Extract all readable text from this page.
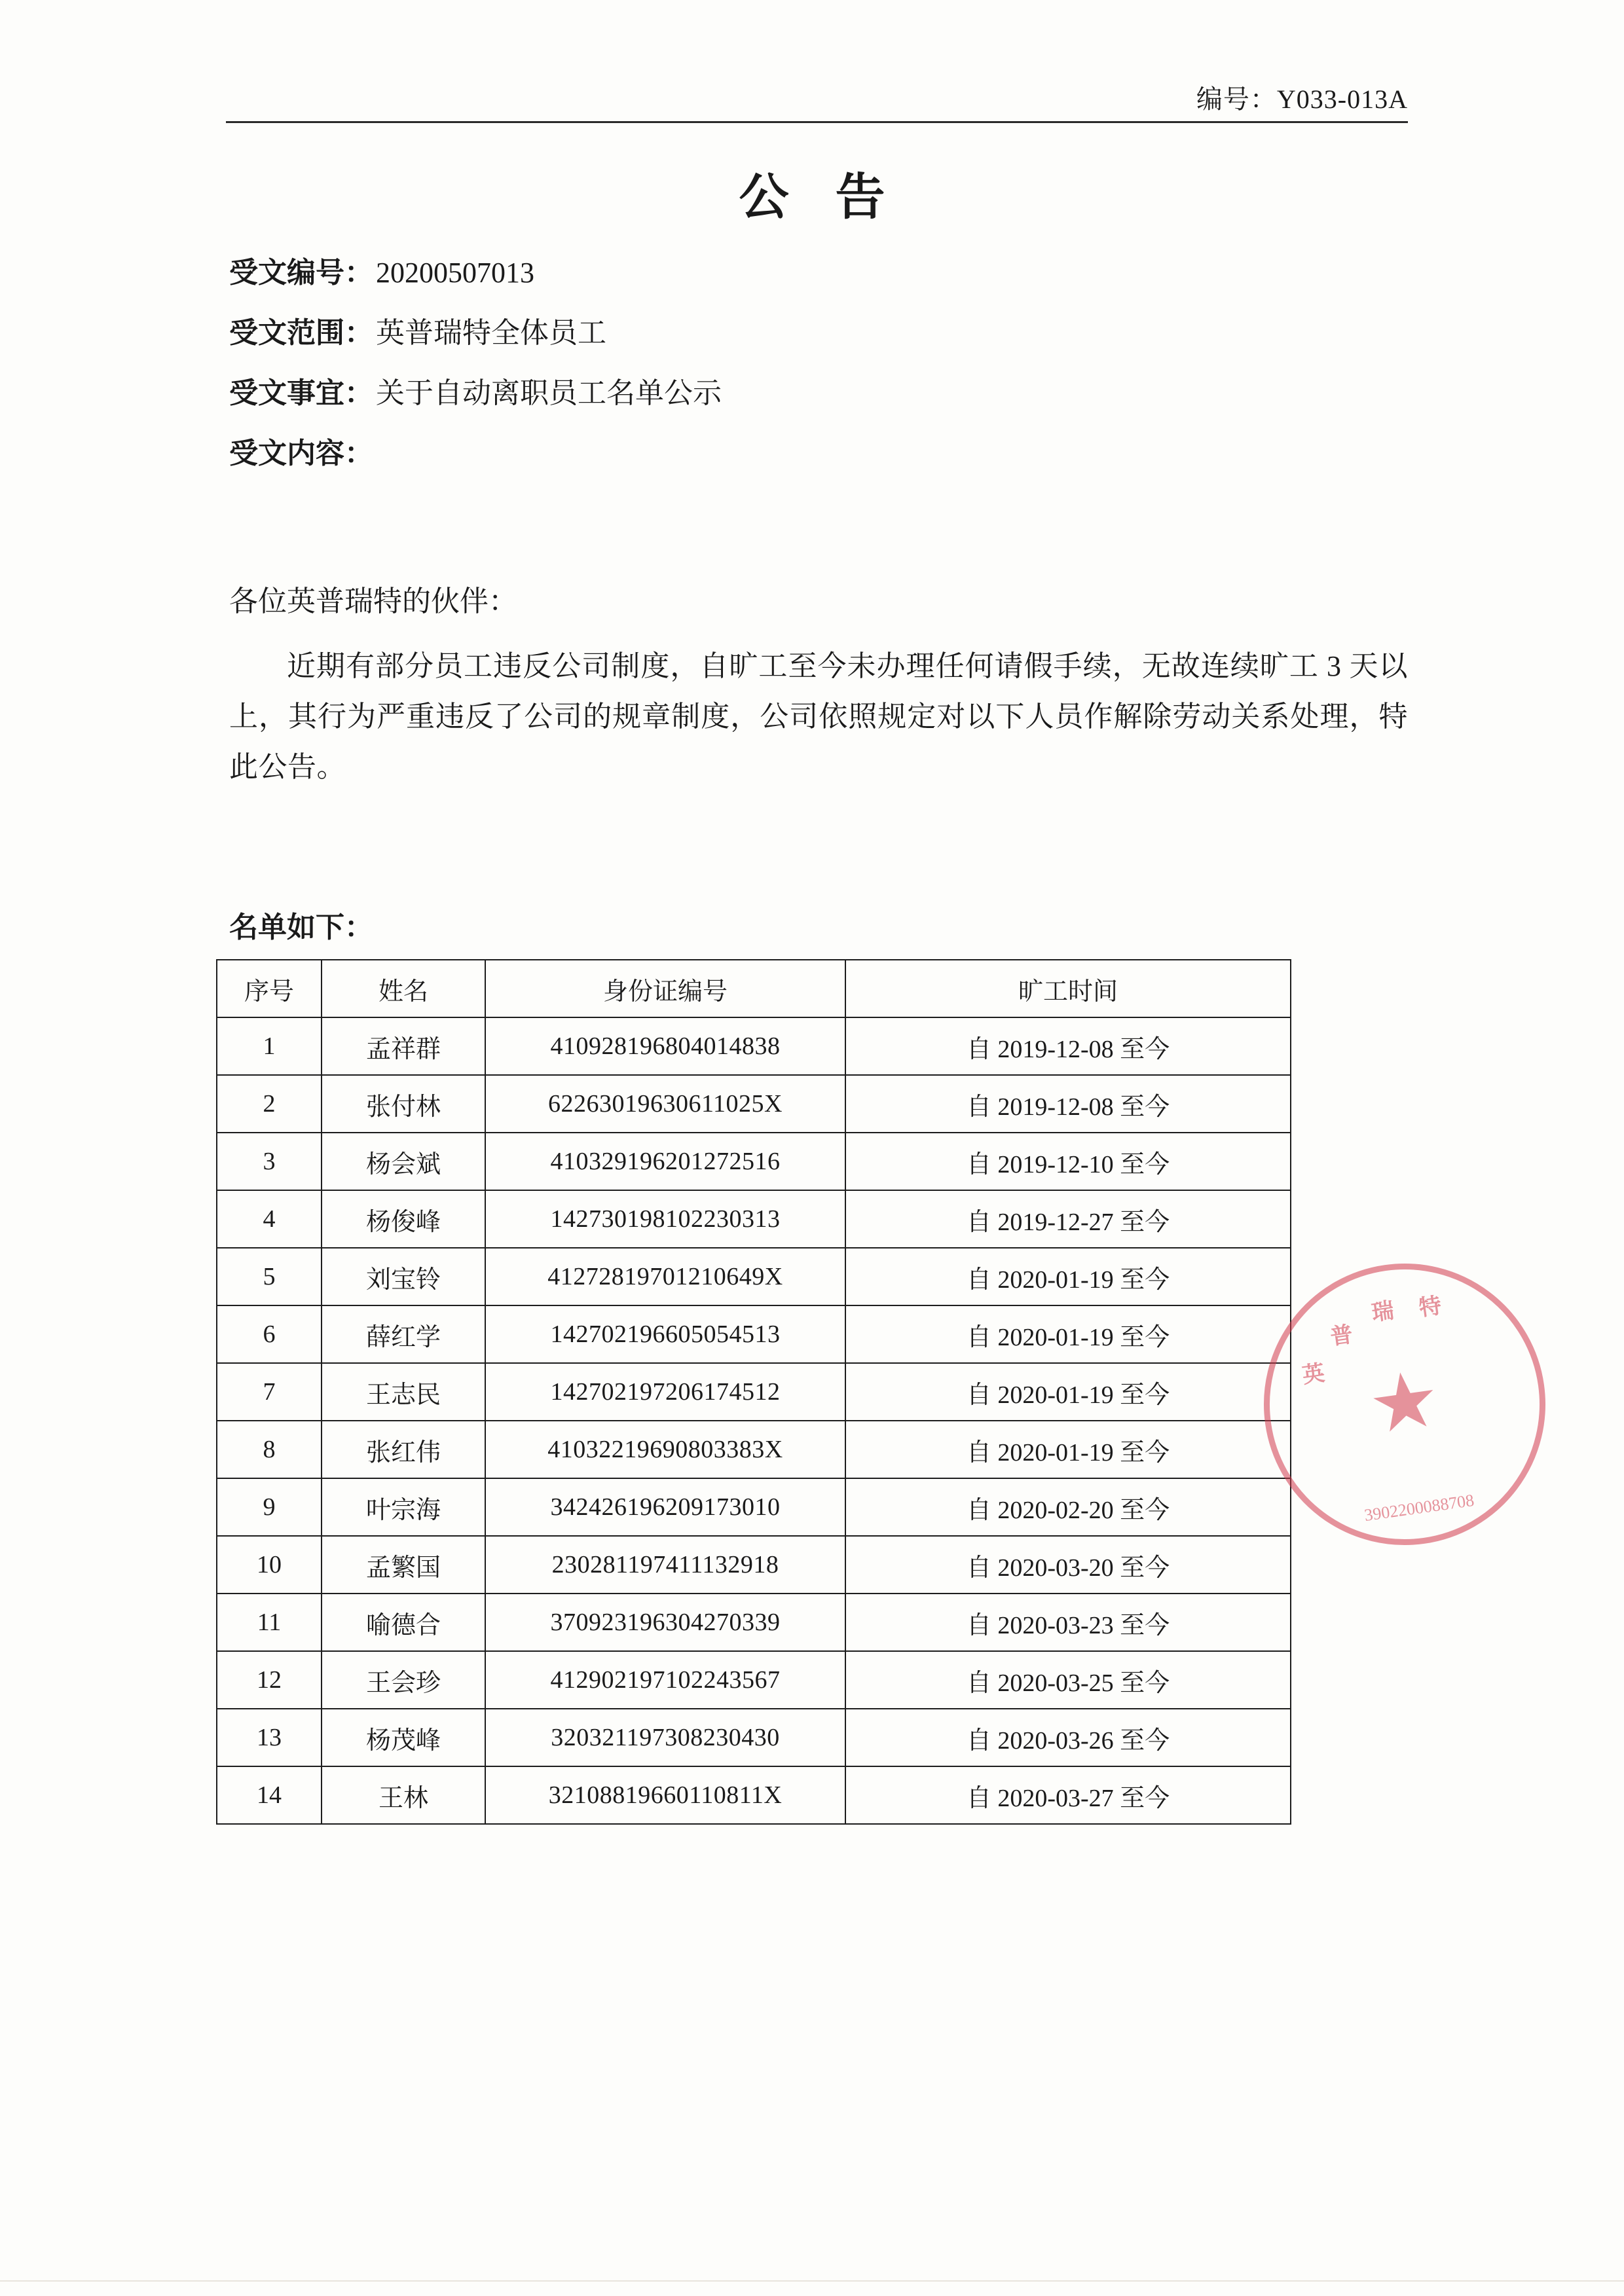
编号：Y033-013A
公 告
受文编号： 20200507013
受文范围： 英普瑞特全体员工
受文事宜： 关于自动离职员工名单公示
受文内容：

各位英普瑞特的伙伴：

近期有部分员工违反公司制度，自旷工至今未办理任何请假手续，无故连续旷工 3 天以上，其行为严重违反了公司的规章制度，公司依照规定对以下人员作解除劳动关系处理，特此公告。

名单如下：
序号	姓名	身份证编号	旷工时间
1	孟祥群	410928196804014838	自 2019-12-08 至今
2	张付林	62263019630611025X	自 2019-12-08 至今
3	杨会斌	410329196201272516	自 2019-12-10 至今
4	杨俊峰	142730198102230313	自 2019-12-27 至今
5	刘宝铃	41272819701210649X	自 2020-01-19 至今
6	薛红学	142702196605054513	自 2020-01-19 至今
7	王志民	142702197206174512	自 2020-01-19 至今
8	张红伟	41032219690803383X	自 2020-01-19 至今
9	叶宗海	342426196209173010	自 2020-02-20 至今
10	孟繁国	230281197411132918	自 2020-03-20 至今
11	喻德合	370923196304270339	自 2020-03-23 至今
12	王会珍	412902197102243567	自 2020-03-25 至今
13	杨茂峰	320321197308230430	自 2020-03-26 至今
14	王林	32108819660110811X	自 2020-03-27 至今
英
普
瑞 特
★
3902200088708
